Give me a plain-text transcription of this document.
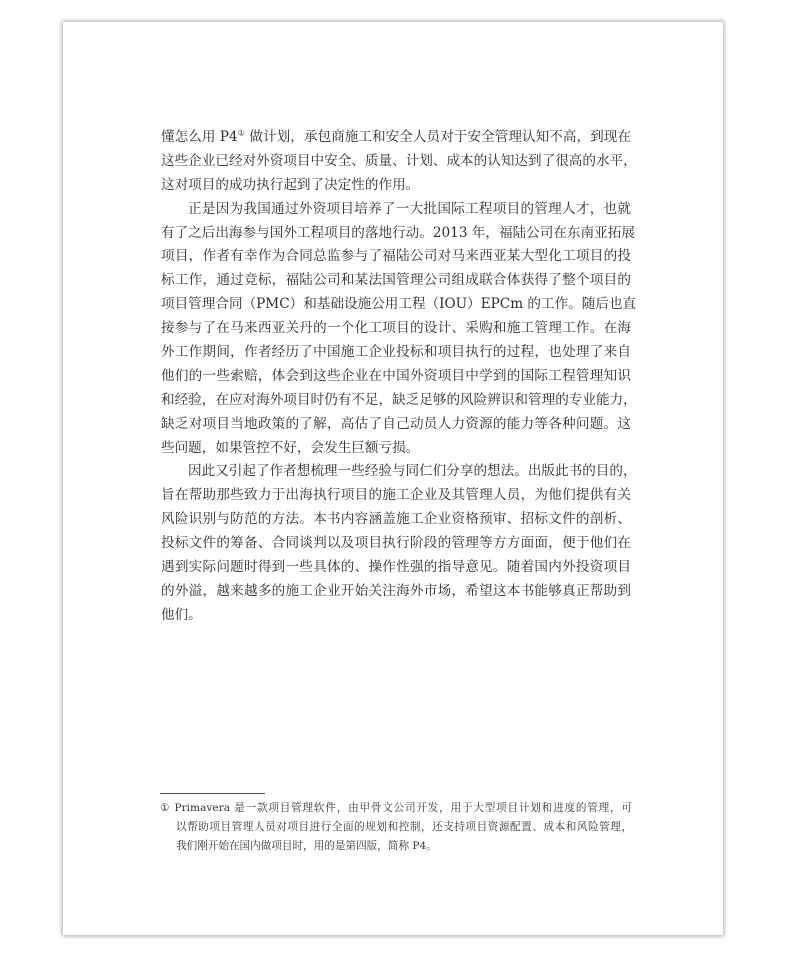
懂怎么用 P4① 做计划，承包商施工和安全人员对于安全管理认知不高，到现在
这些企业已经对外资项目中安全、质量、计划、成本的认知达到了很高的水平，
这对项目的成功执行起到了决定性的作用。
正是因为我国通过外资项目培养了一大批国际工程项目的管理人才，也就
有了之后出海参与国外工程项目的落地行动。2013 年，福陆公司在东南亚拓展
项目，作者有幸作为合同总监参与了福陆公司对马来西亚某大型化工项目的投
标工作，通过竞标，福陆公司和某法国管理公司组成联合体获得了整个项目的
项目管理合同（PMC）和基础设施公用工程（IOU）EPCm 的工作。随后也直
接参与了在马来西亚关丹的一个化工项目的设计、采购和施工管理工作。在海
外工作期间，作者经历了中国施工企业投标和项目执行的过程，也处理了来自
他们的一些索赔，体会到这些企业在中国外资项目中学到的国际工程管理知识
和经验，在应对海外项目时仍有不足，缺乏足够的风险辨识和管理的专业能力，
缺乏对项目当地政策的了解，高估了自己动员人力资源的能力等各种问题。这
些问题，如果管控不好，会发生巨额亏损。
因此又引起了作者想梳理一些经验与同仁们分享的想法。出版此书的目的，
旨在帮助那些致力于出海执行项目的施工企业及其管理人员，为他们提供有关
风险识别与防范的方法。本书内容涵盖施工企业资格预审、招标文件的剖析、
投标文件的筹备、合同谈判以及项目执行阶段的管理等方方面面，便于他们在
遇到实际问题时得到一些具体的、操作性强的指导意见。随着国内外投资项目
的外溢，越来越多的施工企业开始关注海外市场，希望这本书能够真正帮助到
他们。
① Primavera 是一款项目管理软件，由甲骨文公司开发，用于大型项目计划和进度的管理，可
以帮助项目管理人员对项目进行全面的规划和控制，还支持项目资源配置、成本和风险管理，
我们刚开始在国内做项目时，用的是第四版，简称 P4。
